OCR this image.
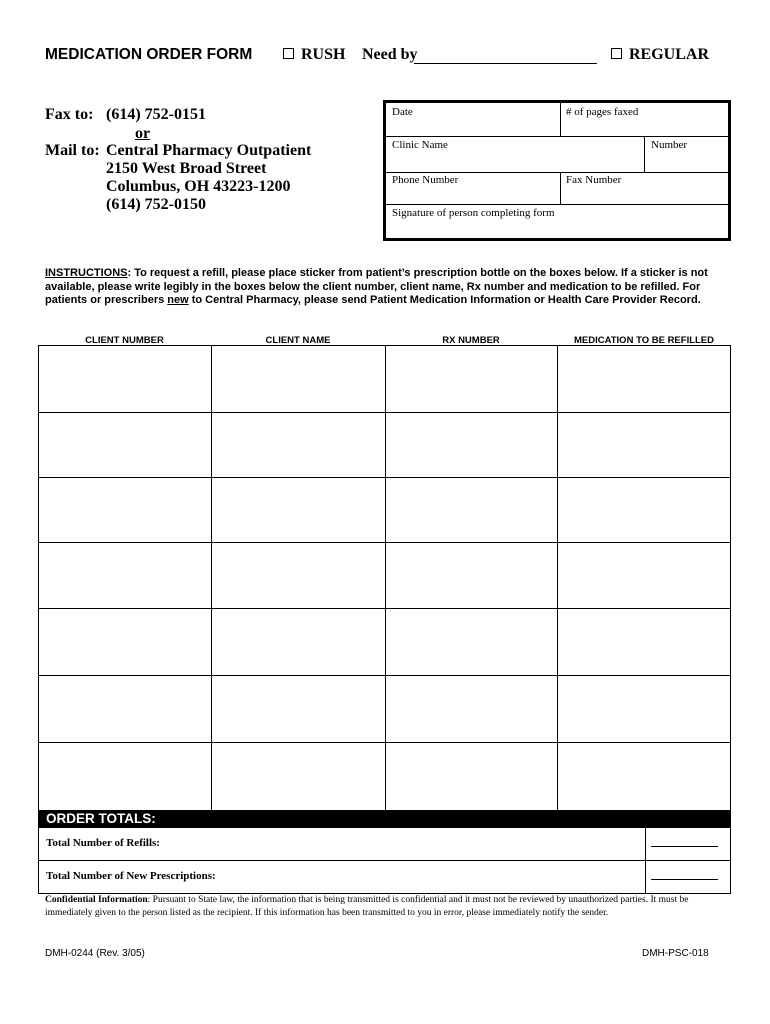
MEDICATION ORDER FORM	RUSH Need by	REGULAR
Fax to: (614) 752-0151
or
Mail to: Central Pharmacy Outpatient
2150 West Broad Street
Columbus, OH 43223-1200
(614) 752-0150
Date	# of pages faxed
Clinic Name	Number
Phone Number	Fax Number
Signature of person completing form
INSTRUCTIONS: To request a refill, please place sticker from patient’s prescription bottle on the boxes below. If a sticker is not available, please write legibly in the boxes below the client number, client name, Rx number and medication to be refilled. For patients or prescribers new to Central Pharmacy, please send Patient Medication Information or Health Care Provider Record.
CLIENT NUMBER	CLIENT NAME	RX NUMBER	MEDICATION TO BE REFILLED
ORDER TOTALS:
Total Number of Refills:
Total Number of New Prescriptions:
Confidential Information: Pursuant to State law, the information that is being transmitted is confidential and it must not be reviewed by unauthorized parties. It must be immediately given to the person listed as the recipient. If this information has been transmitted to you in error, please immediately notify the sender.
DMH-0244 (Rev. 3/05)	DMH-PSC-018
